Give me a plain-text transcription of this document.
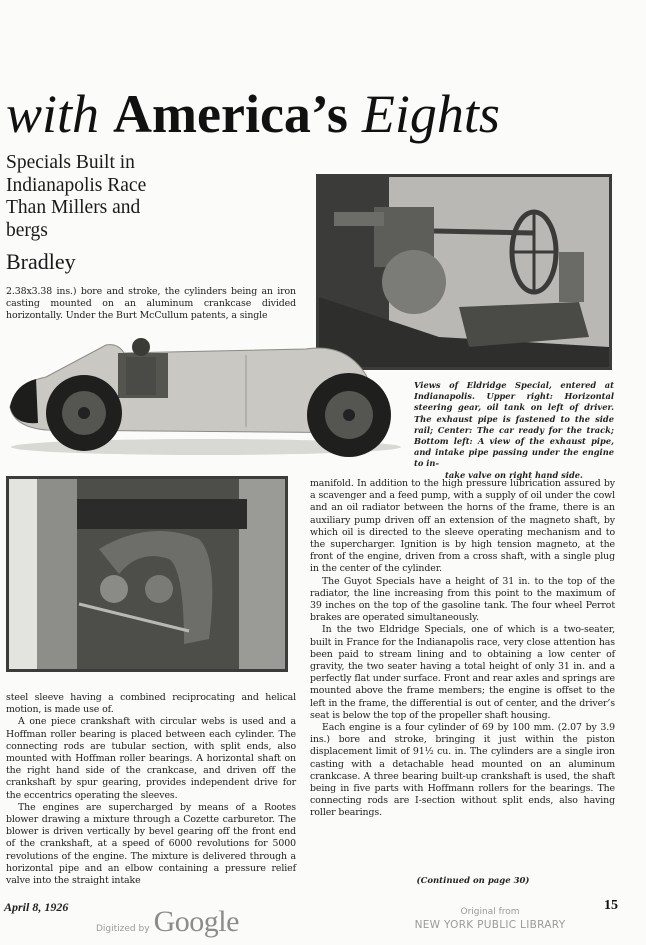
with America’s Eights
Specials Built in
Indianapolis Race
Than Millers and
bergs
Bradley

2.38x3.38 ins.) bore and stroke, the cylinders being an iron casting mounted on an aluminum crankcase divided horizontally. Under the Burt McCullum patents, a single

Views of Eldridge Special, entered at Indianapolis. Upper right: Horizontal steering gear, oil tank on left of driver. The exhaust pipe is fastened to the side rail; Center: The car ready for the track; Bottom left: A view of the exhaust pipe, and intake pipe passing under the engine to in-
take valve on right hand side.

steel sleeve having a combined reciprocating and helical motion, is made use of.

A one piece crankshaft with circular webs is used and a Hoffman roller bearing is placed between each cylinder. The connecting rods are tubular section, with split ends, also mounted with Hoffman roller bearings. A horizontal shaft on the right hand side of the crankcase, and driven off the crankshaft by spur gearing, provides independent drive for the eccentrics operating the sleeves.

The engines are supercharged by means of a Rootes blower drawing a mixture through a Cozette carburetor. The blower is driven vertically by bevel gearing off the front end of the crankshaft, at a speed of 6000 revolutions for 5000 revolutions of the engine. The mixture is delivered through a horizontal pipe and an elbow containing a pressure relief valve into the straight intake

manifold. In addition to the high pressure lubrication assured by a scavenger and a feed pump, with a supply of oil under the cowl and an oil radiator between the horns of the frame, there is an auxiliary pump driven off an extension of the magneto shaft, by which oil is directed to the sleeve operating mechanism and to the supercharger. Ignition is by high tension magneto, at the front of the engine, driven from a cross shaft, with a single plug in the center of the cylinder.

The Guyot Specials have a height of 31 in. to the top of the radiator, the line increasing from this point to the maximum of 39 inches on the top of the gasoline tank. The four wheel Perrot brakes are operated simultaneously.

In the two Eldridge Specials, one of which is a two-seater, built in France for the Indianapolis race, very close attention has been paid to stream lining and to obtaining a low center of gravity, the two seater having a total height of only 31 in. and a perfectly flat under surface. Front and rear axles and springs are mounted above the frame members; the engine is offset to the left in the frame, the differential is out of center, and the driver’s seat is below the top of the propeller shaft housing.

Each engine is a four cylinder of 69 by 100 mm. (2.07 by 3.9 ins.) bore and stroke, bringing it just within the piston displacement limit of 91½ cu. in. The cylinders are a single iron casting with a detachable head mounted on an aluminum crankcase. A three bearing built-up crankshaft is used, the shaft being in five parts with Hoffmann rollers for the bearings. The connecting rods are I-section without split ends, also having roller bearings.

(Continued on page 30)
April 8, 1926
Digitized by Google	Original from
NEW YORK PUBLIC LIBRARY
15
